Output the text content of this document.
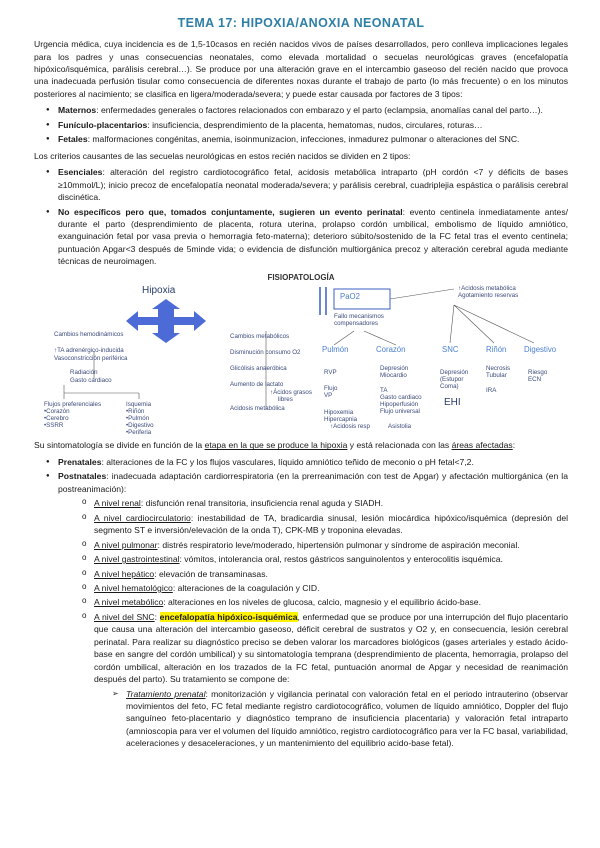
TEMA 17: HIPOXIA/ANOXIA NEONATAL

Urgencia médica, cuya incidencia es de 1,5-10casos en recién nacidos vivos de países desarrollados, pero conlleva implicaciones legales para los padres y unas consecuencias neonatales, como elevada mortalidad o secuelas neurológicas graves (encefalopatía hipóxico/isquémica, parálisis cerebral…). Se produce por una alteración grave en el intercambio gaseoso del recién nacido que provoca una inadecuada perfusión tisular como consecuencia de diferentes noxas durante el trabajo de parto (lo más frecuente) o en los minutos posteriores al nacimiento; se clasifica en ligera/moderada/severa; y puede estar causada por factores de 3 tipos:

● Maternos: enfermedades generales o factores relacionados con embarazo y el parto (eclampsia, anomalías canal del parto…).
● Funículo-placentarios: insuficiencia, desprendimiento de la placenta, hematomas, nudos, circulares, roturas…
● Fetales: malformaciones congénitas, anemia, isoinmunizacion, infecciones, inmadurez pulmonar o alteraciones del SNC.

Los criterios causantes de las secuelas neurológicas en estos recién nacidos se dividen en 2 tipos:

● Esenciales: alteración del registro cardiotocográfico fetal, acidosis metabólica intraparto (pH cordón <7 y déficits de bases ≥10mmol/L); inicio precoz de encefalopatía neonatal moderada/severa; y parálisis cerebral, cuadriplejia espástica o parálisis cerebral discinética.
● No específicos pero que, tomados conjuntamente, sugieren un evento perinatal: evento centinela inmediatamente antes/ durante el parto (desprendimiento de placenta, rotura uterina, prolapso cordón umbilical, embolismo de líquido amniótico, exanguinación fetal por vasa previa o hemorragia feto-materna); deterioro súbito/sostenido de la FC fetal tras el evento centinela; puntuación Apgar<3 después de 5minde vida; o evidencia de disfunción multiorgánica precoz y alteración cerebral aguda mediante técnicas de neuroimagen.
FISIOPATOLOGÍA
Hipoxia
Cambios hemodinámicos
↑TA adrenérgico-inducida
Vasoconstricción periférica
Radiación
Gasto cardiaco
Flujos preferenciales
•Corazón
•Cerebro
•SSRR
Isquemia
•Riñón
•Pulmón
•Digestivo
•Periferia
Cambios metabólicos
Disminución consumo O2
Glicólisis anaeróbica
Aumento de lactato
↑Ácidos grasos
libres
Acidosis metabólica
PaO2
Fallo mecanismos
compensadores
↑Acidosis metabólica
Agotamiento reservas
Pulmón	Corazón	SNC	Riñón Digestivo
RVP
Flujo
VP
Hipoxemia
Hipercapnia
↑Acidosis resp
Depresión
Miocardio
TA
Gasto cardiaco
Hipoperfusión
Flujo universal
Asistolia
Depresión
(Estupor
Coma)
EHI
Necrosis
Tubular
IRA
Riesgo
ECN

Su sintomatología se divide en función de la etapa en la que se produce la hipoxia y está relacionada con las áreas afectadas:

● Prenatales: alteraciones de la FC y los flujos vasculares, líquido amniótico teñido de meconio o pH fetal<7,2.
● Postnatales: inadecuada adaptación cardiorrespiratoria (en la prerreanimación con test de Apgar) y afectación multiorgánica (en la postreanimación):
o A nivel renal: disfunción renal transitoria, insuficiencia renal aguda y SIADH.
o A nivel cardiocirculatorio: inestabilidad de TA, bradicardia sinusal, lesión miocárdica hipóxico/isquémica (depresión del segmento ST e inversión/elevación de la onda T), CPK-MB y troponina elevadas.
o A nivel pulmonar: distrés respiratorio leve/moderado, hipertensión pulmonar y síndrome de aspiración meconial.
o A nivel gastrointestinal: vómitos, intolerancia oral, restos gástricos sanguinolentos y enterocolitis isquémica.
o A nivel hepático: elevación de transaminasas.
o A nivel hematológico: alteraciones de la coagulación y CID.
o A nivel metabólico: alteraciones en los niveles de glucosa, calcio, magnesio y el equilibrio ácido-base.
o A nivel del SNC: encefalopatía hipóxico-isquémica, enfermedad que se produce por una interrupción del flujo placentario que causa una alteración del intercambio gaseoso, déficit cerebral de sustratos y O2 y, en consecuencia, lesión cerebral perinatal. Para realizar su diagnóstico preciso se deben valorar los marcadores biológicos (gases arteriales y estado ácido-base en sangre del cordón umbilical) y su sintomatología temprana (desprendimiento de placenta, hemorragia, prolapso del cordón umbilical, alteración en los trazados de la FC fetal, puntuación anormal de Apgar y necesidad de reanimación después del parto). Su tratamiento se compone de:
➢ Tratamiento prenatal: monitorización y vigilancia perinatal con valoración fetal en el periodo intrauterino (observar movimientos del feto, FC fetal mediante registro cardiotocográfico, volumen de líquido amniótico, Doppler del flujo sanguíneo feto-placentario y diagnóstico temprano de insuficiencia placentaria) y valoración fetal intraparto (amnioscopia para ver el volumen del líquido amniótico, registro cardiotocográfico para ver la FC basal, variabilidad, aceleraciones y desaceleraciones, y un mantenimiento del equilibrio acido-base fetal).
